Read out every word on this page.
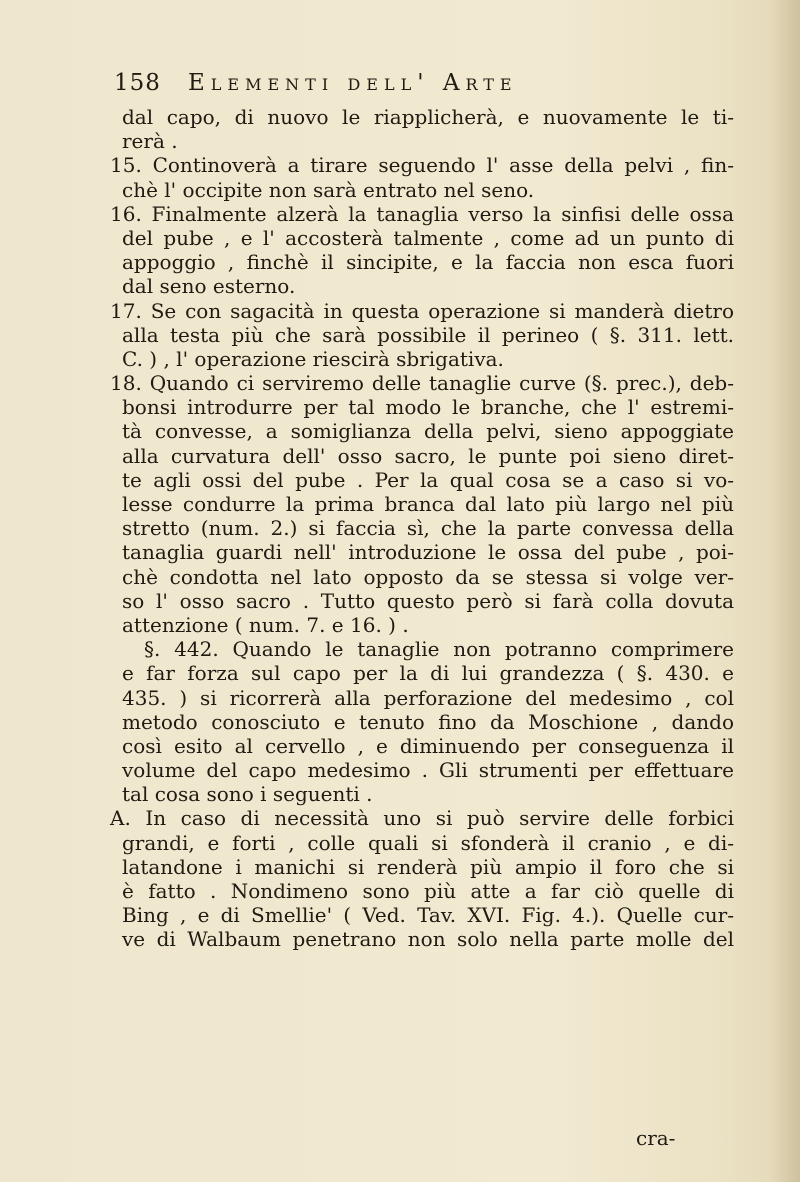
158 Elementi dell' Arte
dal capo, di nuovo le riapplicherà, e nuovamente le ti-
rerà .
15. Continoverà a tirare seguendo l' asse della pelvi , fin-
chè l' occipite non sarà entrato nel seno.
16. Finalmente alzerà la tanaglia verso la sinfisi delle ossa
del pube , e l' accosterà talmente , come ad un punto di
appoggio , finchè il sincipite, e la faccia non esca fuori
dal seno esterno.
17. Se con sagacità in questa operazione si manderà dietro
alla testa più che sarà possibile il perineo ( §. 311. lett.
C. ) , l' operazione riescirà sbrigativa.
18. Quando ci serviremo delle tanaglie curve (§. prec.), deb-
bonsi introdurre per tal modo le branche, che l' estremi-
tà convesse, a somiglianza della pelvi, sieno appoggiate
alla curvatura dell' osso sacro, le punte poi sieno diret-
te agli ossi del pube . Per la qual cosa se a caso si vo-
lesse condurre la prima branca dal lato più largo nel più
stretto (num. 2.) si faccia sì, che la parte convessa della
tanaglia guardi nell' introduzione le ossa del pube , poi-
chè condotta nel lato opposto da se stessa si volge ver-
so l' osso sacro . Tutto questo però si farà colla dovuta
attenzione ( num. 7. e 16. ) .
§. 442. Quando le tanaglie non potranno comprimere
e far forza sul capo per la di lui grandezza ( §. 430. e
435. ) si ricorrerà alla perforazione del medesimo , col
metodo conosciuto e tenuto fino da Moschione , dando
così esito al cervello , e diminuendo per conseguenza il
volume del capo medesimo . Gli strumenti per effettuare
tal cosa sono i seguenti .
A. In caso di necessità uno si può servire delle forbici
grandi, e forti , colle quali si sfonderà il cranio , e di-
latandone i manichi si renderà più ampio il foro che si
è fatto . Nondimeno sono più atte a far ciò quelle di
Bing , e di Smellie' ( Ved. Tav. XVI. Fig. 4.). Quelle cur-
ve di Walbaum penetrano non solo nella parte molle del
cra-
